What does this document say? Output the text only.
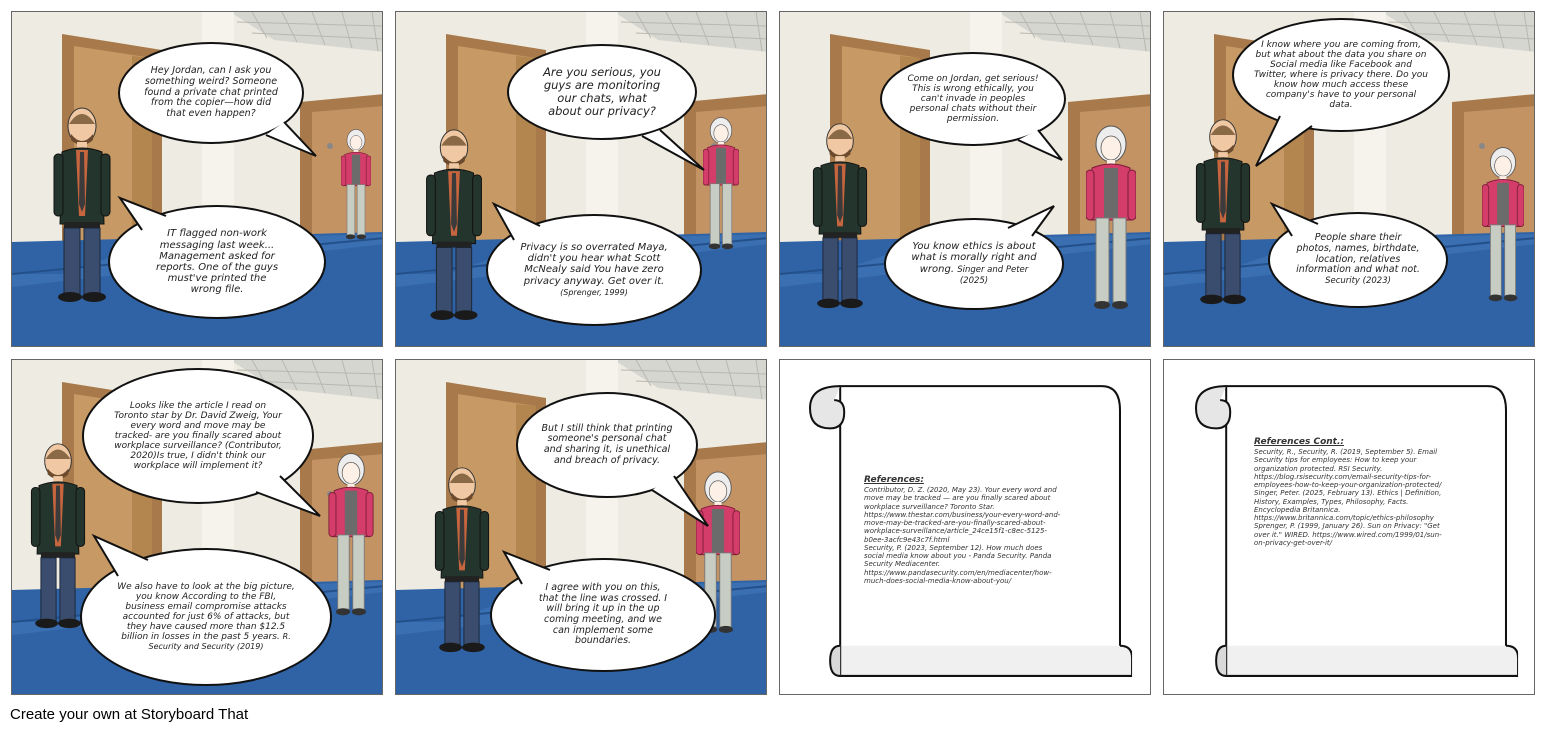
Hey Jordan, can I ask you something weird? Someone found a private chat printed from the copier—how did that even happen?
IT flagged non-work messaging last week... Management asked for reports. One of the guys must've printed the wrong file.
Are you serious, you guys are monitoring our chats, what about our privacy?
Privacy is so overrated Maya, didn't you hear what Scott McNealy said You have zero privacy anyway. Get over it. (Sprenger, 1999)
Come on Jordan, get serious! This is wrong ethically, you can't invade in peoples personal chats without their permission.
You know ethics is about what is morally right and wrong. Singer and Peter (2025)
I know where you are coming from, but what about the data you share on Social media like Facebook and Twitter, where is privacy there. Do you know how much access these company's have to your personal data.
People share their photos, names, birthdate, location, relatives information and what not. Security (2023)
Looks like the article I read on Toronto star by Dr. David Zweig, Your every word and move may be tracked- are you finally scared about workplace surveillance? (Contributor, 2020)Is true, I didn't think our workplace will implement it?
We also have to look at the big picture, you know According to the FBI, business email compromise attacks accounted for just 6% of attacks, but they have caused more than $12.5 billion in losses in the past 5 years. R. Security and Security (2019)
But I still think that printing someone's personal chat and sharing it, is unethical and breach of privacy.
I agree with you on this, that the line was crossed. I will bring it up in the up coming meeting, and we can implement some boundaries.

References:
Contributor, D. Z. (2020, May 23). Your every word and move may be tracked — are you finally scared about workplace surveillance? Toronto Star. https://www.thestar.com/business/your-every-word-and-move-may-be-tracked-are-you-finally-scared-about-workplace-surveillance/article_24ce15f1-c8ec-5125-b0ee-3acfc9e43c7f.html
Security, P. (2023, September 12). How much does social media know about you - Panda Security. Panda Security Mediacenter. https://www.pandasecurity.com/en/mediacenter/how-much-does-social-media-know-about-you/

References Cont.:
Security, R., Security, R. (2019, September 5). Email Security tips for employees: How to keep your organization protected. RSI Security. https://blog.rsisecurity.com/email-security-tips-for-employees-how-to-keep-your-organization-protected/
Singer, Peter. (2025, February 13). Ethics | Definition, History, Examples, Types, Philosophy, Facts. Encyclopedia Britannica. https://www.britannica.com/topic/ethics-philosophy
Sprenger, P. (1999, January 26). Sun on Privacy: "Get over it." WIRED. https://www.wired.com/1999/01/sun-on-privacy-get-over-it/

Create your own at Storyboard That
